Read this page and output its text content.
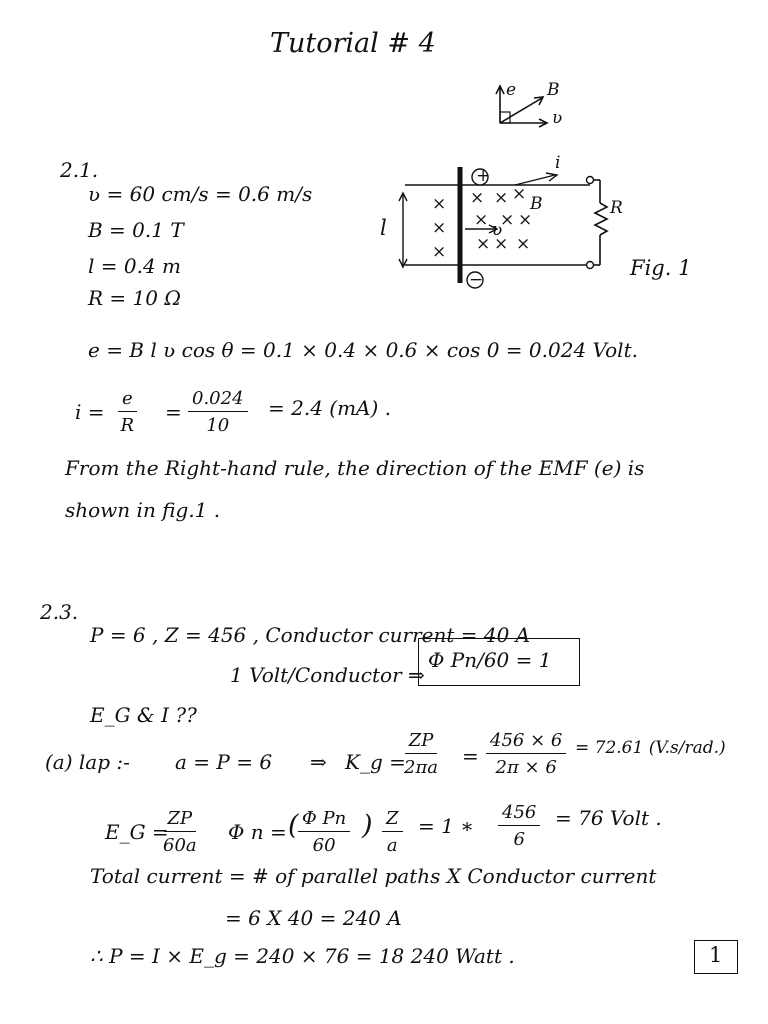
Tutorial # 4
e B
ʋ
2.1.
ʋ = 60 cm/s = 0.6 m/s
B = 0.1 T
l = 0.4 m
R = 10 Ω
+
−
i
B	R
l	ʋ
×
×
×
× × ×
× × ×
× × ×
Fig. 1
e = B l ʋ cos θ = 0.1 × 0.4 × 0.6 × cos 0 = 0.024 Volt.
$i = \frac{e}{R} = \frac{0.024}{10} = 2.4$ (mA) .
From the Right-hand rule, the direction of the EMF (e) is
shown in fig.1 .
2.3.
P = 6 , Z = 456 , Conductor current = 40 A
1 Volt/Conductor ⇒
Φ Pn/60 = 1
E_G & I ??
(a) lap :- a = P = 6 ⇒ K_g =
$\frac{ZP}{2\pi a} = \frac{456 \times 6}{2\pi \times 6} = 72.61$ (V.s/rad.)
E_G =
$\frac{ZP}{60a}$ Φ n = ( $\frac{\text{Φ Pn}}{60}$ ) $\frac{Z}{a} = 1$ ∗ $\frac{456}{6} = 76$ Volt .
Total current = # of parallel paths X Conductor current
= 6 X 40 = 240 A
∴ P = I × E_g = 240 × 76 = 18 240 Watt .	1
